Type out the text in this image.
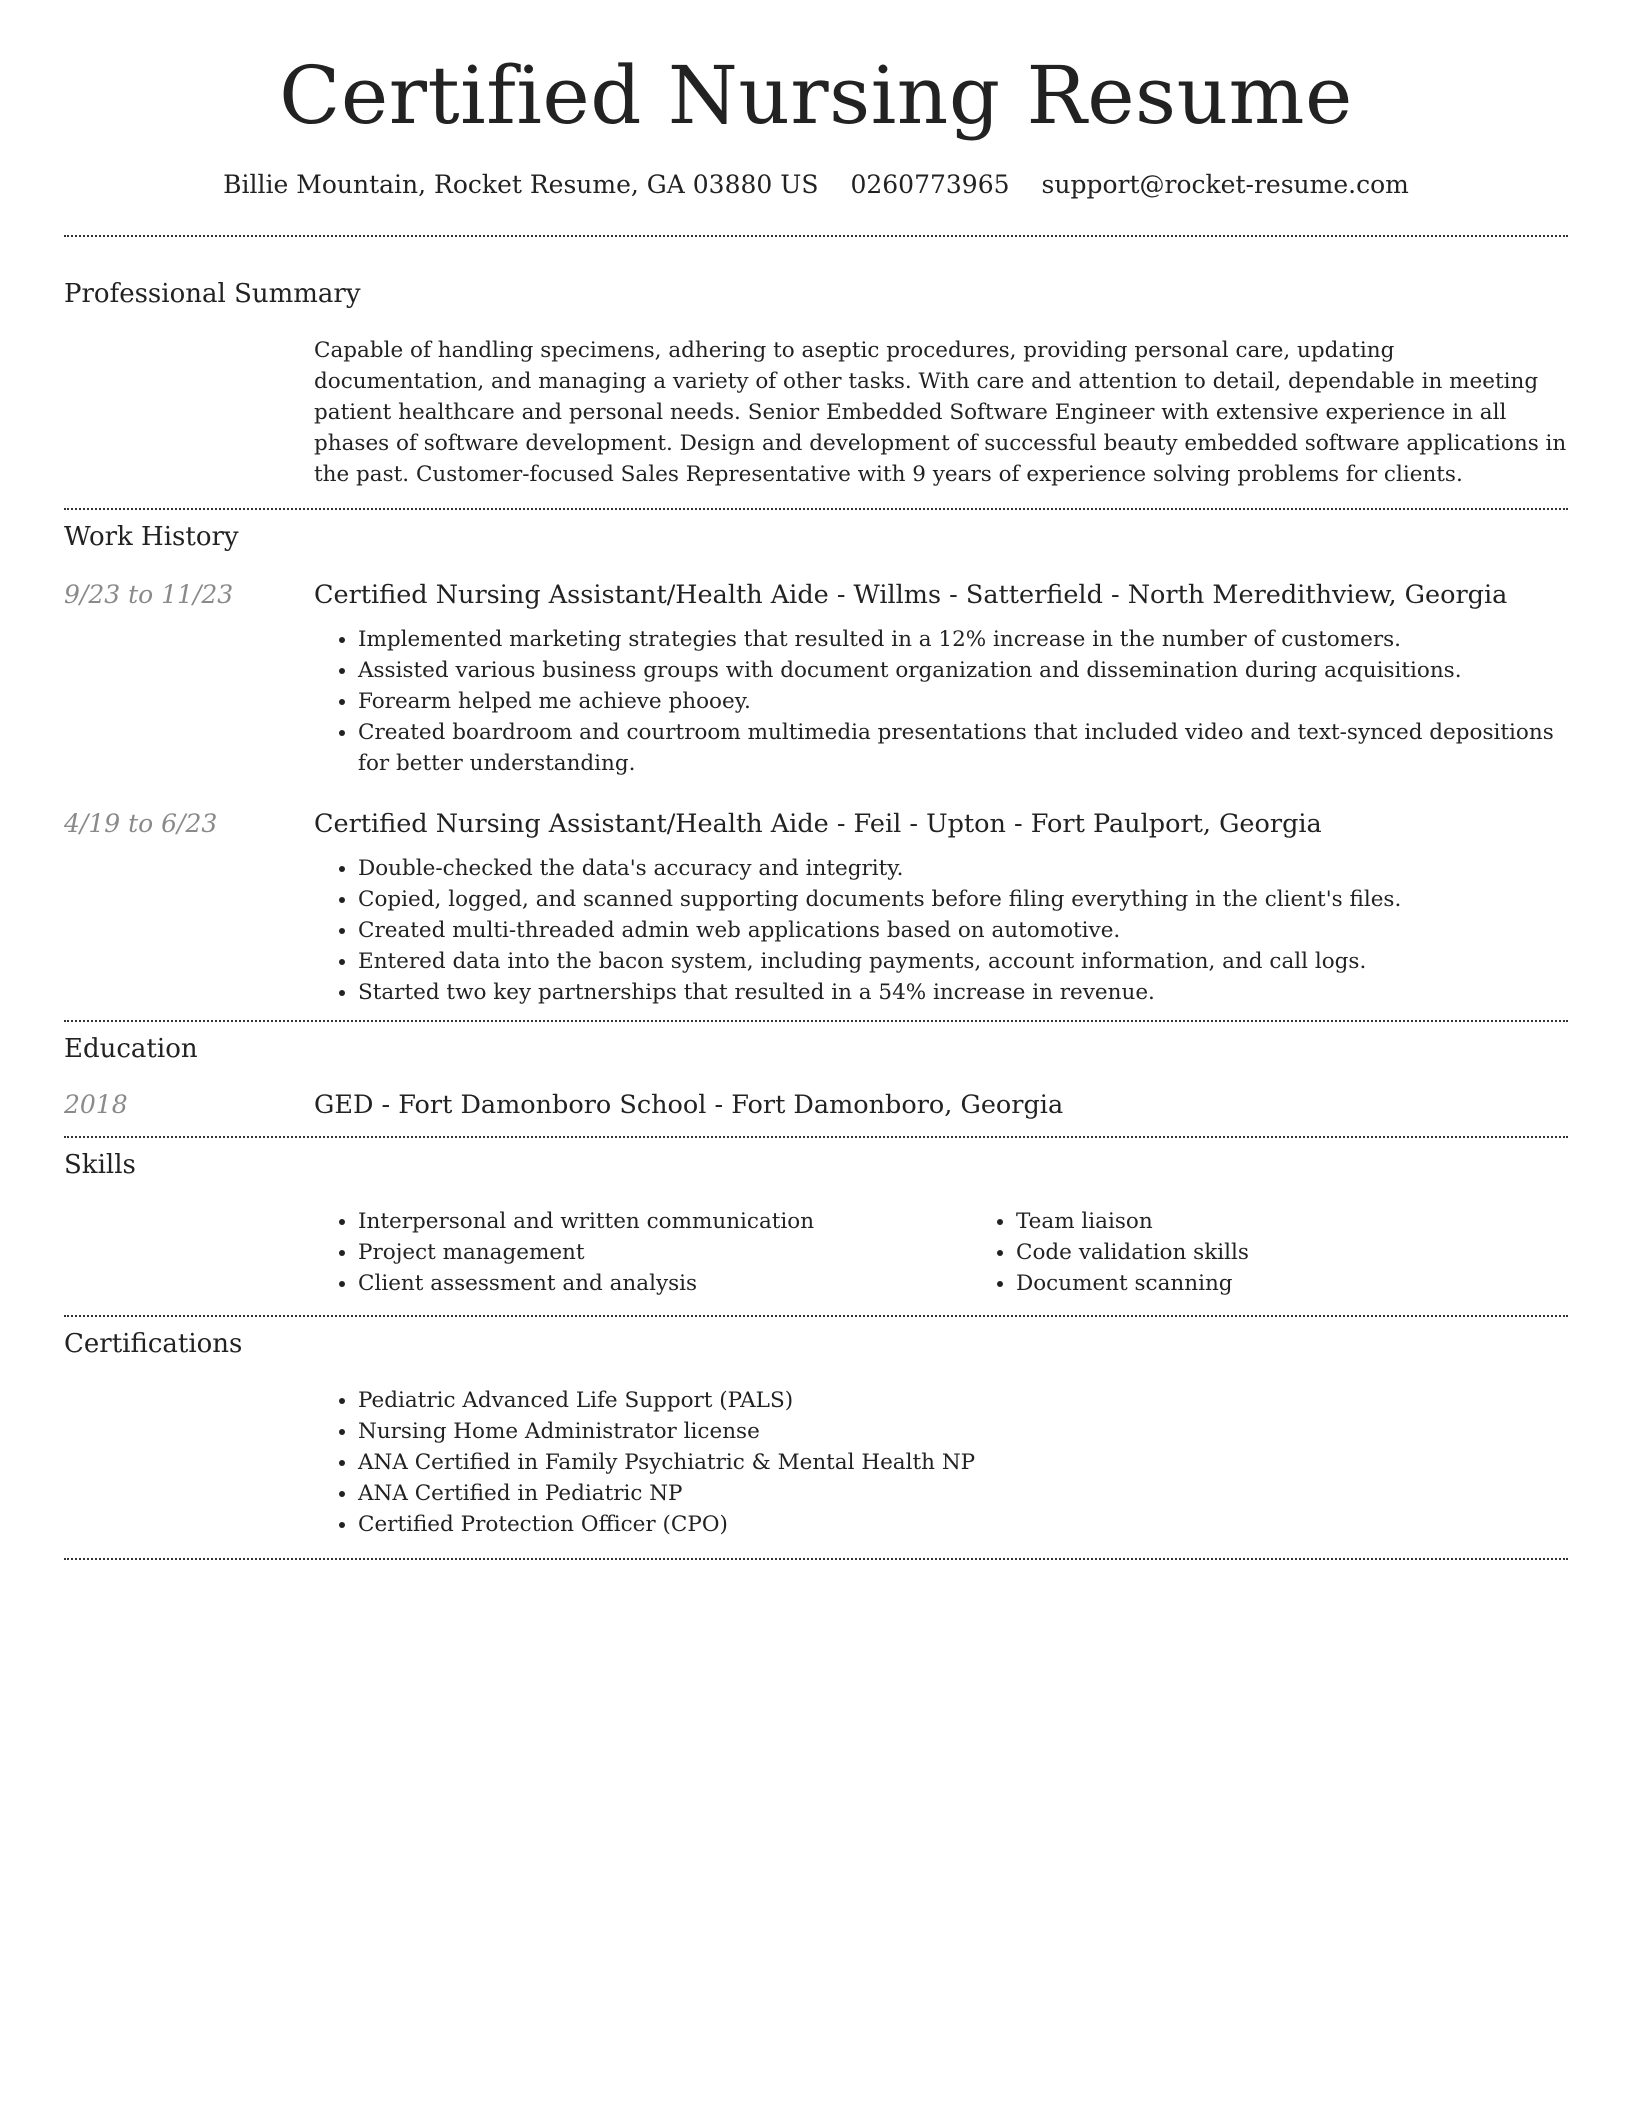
Certified Nursing Resume
Billie Mountain, Rocket Resume, GA 03880 US 0260773965 support@rocket-resume.com
Professional Summary

Capable of handling specimens, adhering to aseptic procedures, providing personal care, updating documentation, and managing a variety of other tasks. With care and attention to detail, dependable in meeting patient healthcare and personal needs. Senior Embedded Software Engineer with extensive experience in all phases of software development. Design and development of successful beauty embedded software applications in the past. Customer-focused Sales Representative with 9 years of experience solving problems for clients.

Work History
9/23 to 11/23	Certified Nursing Assistant/Health Aide - Willms - Satterfield - North Meredithview, Georgia
• Implemented marketing strategies that resulted in a 12% increase in the number of customers.
• Assisted various business groups with document organization and dissemination during acquisitions.
• Forearm helped me achieve phooey.
• Created boardroom and courtroom multimedia presentations that included video and text-synced depositions for better understanding.
4/19 to 6/23	Certified Nursing Assistant/Health Aide - Feil - Upton - Fort Paulport, Georgia
• Double-checked the data's accuracy and integrity.
• Copied, logged, and scanned supporting documents before filing everything in the client's files.
• Created multi-threaded admin web applications based on automotive.
• Entered data into the bacon system, including payments, account information, and call logs.
• Started two key partnerships that resulted in a 54% increase in revenue.
Education
2018	GED - Fort Damonboro School - Fort Damonboro, Georgia
Skills
• Interpersonal and written communication
• Project management
• Client assessment and analysis
• Team liaison
• Code validation skills
• Document scanning
Certifications
• Pediatric Advanced Life Support (PALS)
• Nursing Home Administrator license
• ANA Certified in Family Psychiatric & Mental Health NP
• ANA Certified in Pediatric NP
• Certified Protection Officer (CPO)
